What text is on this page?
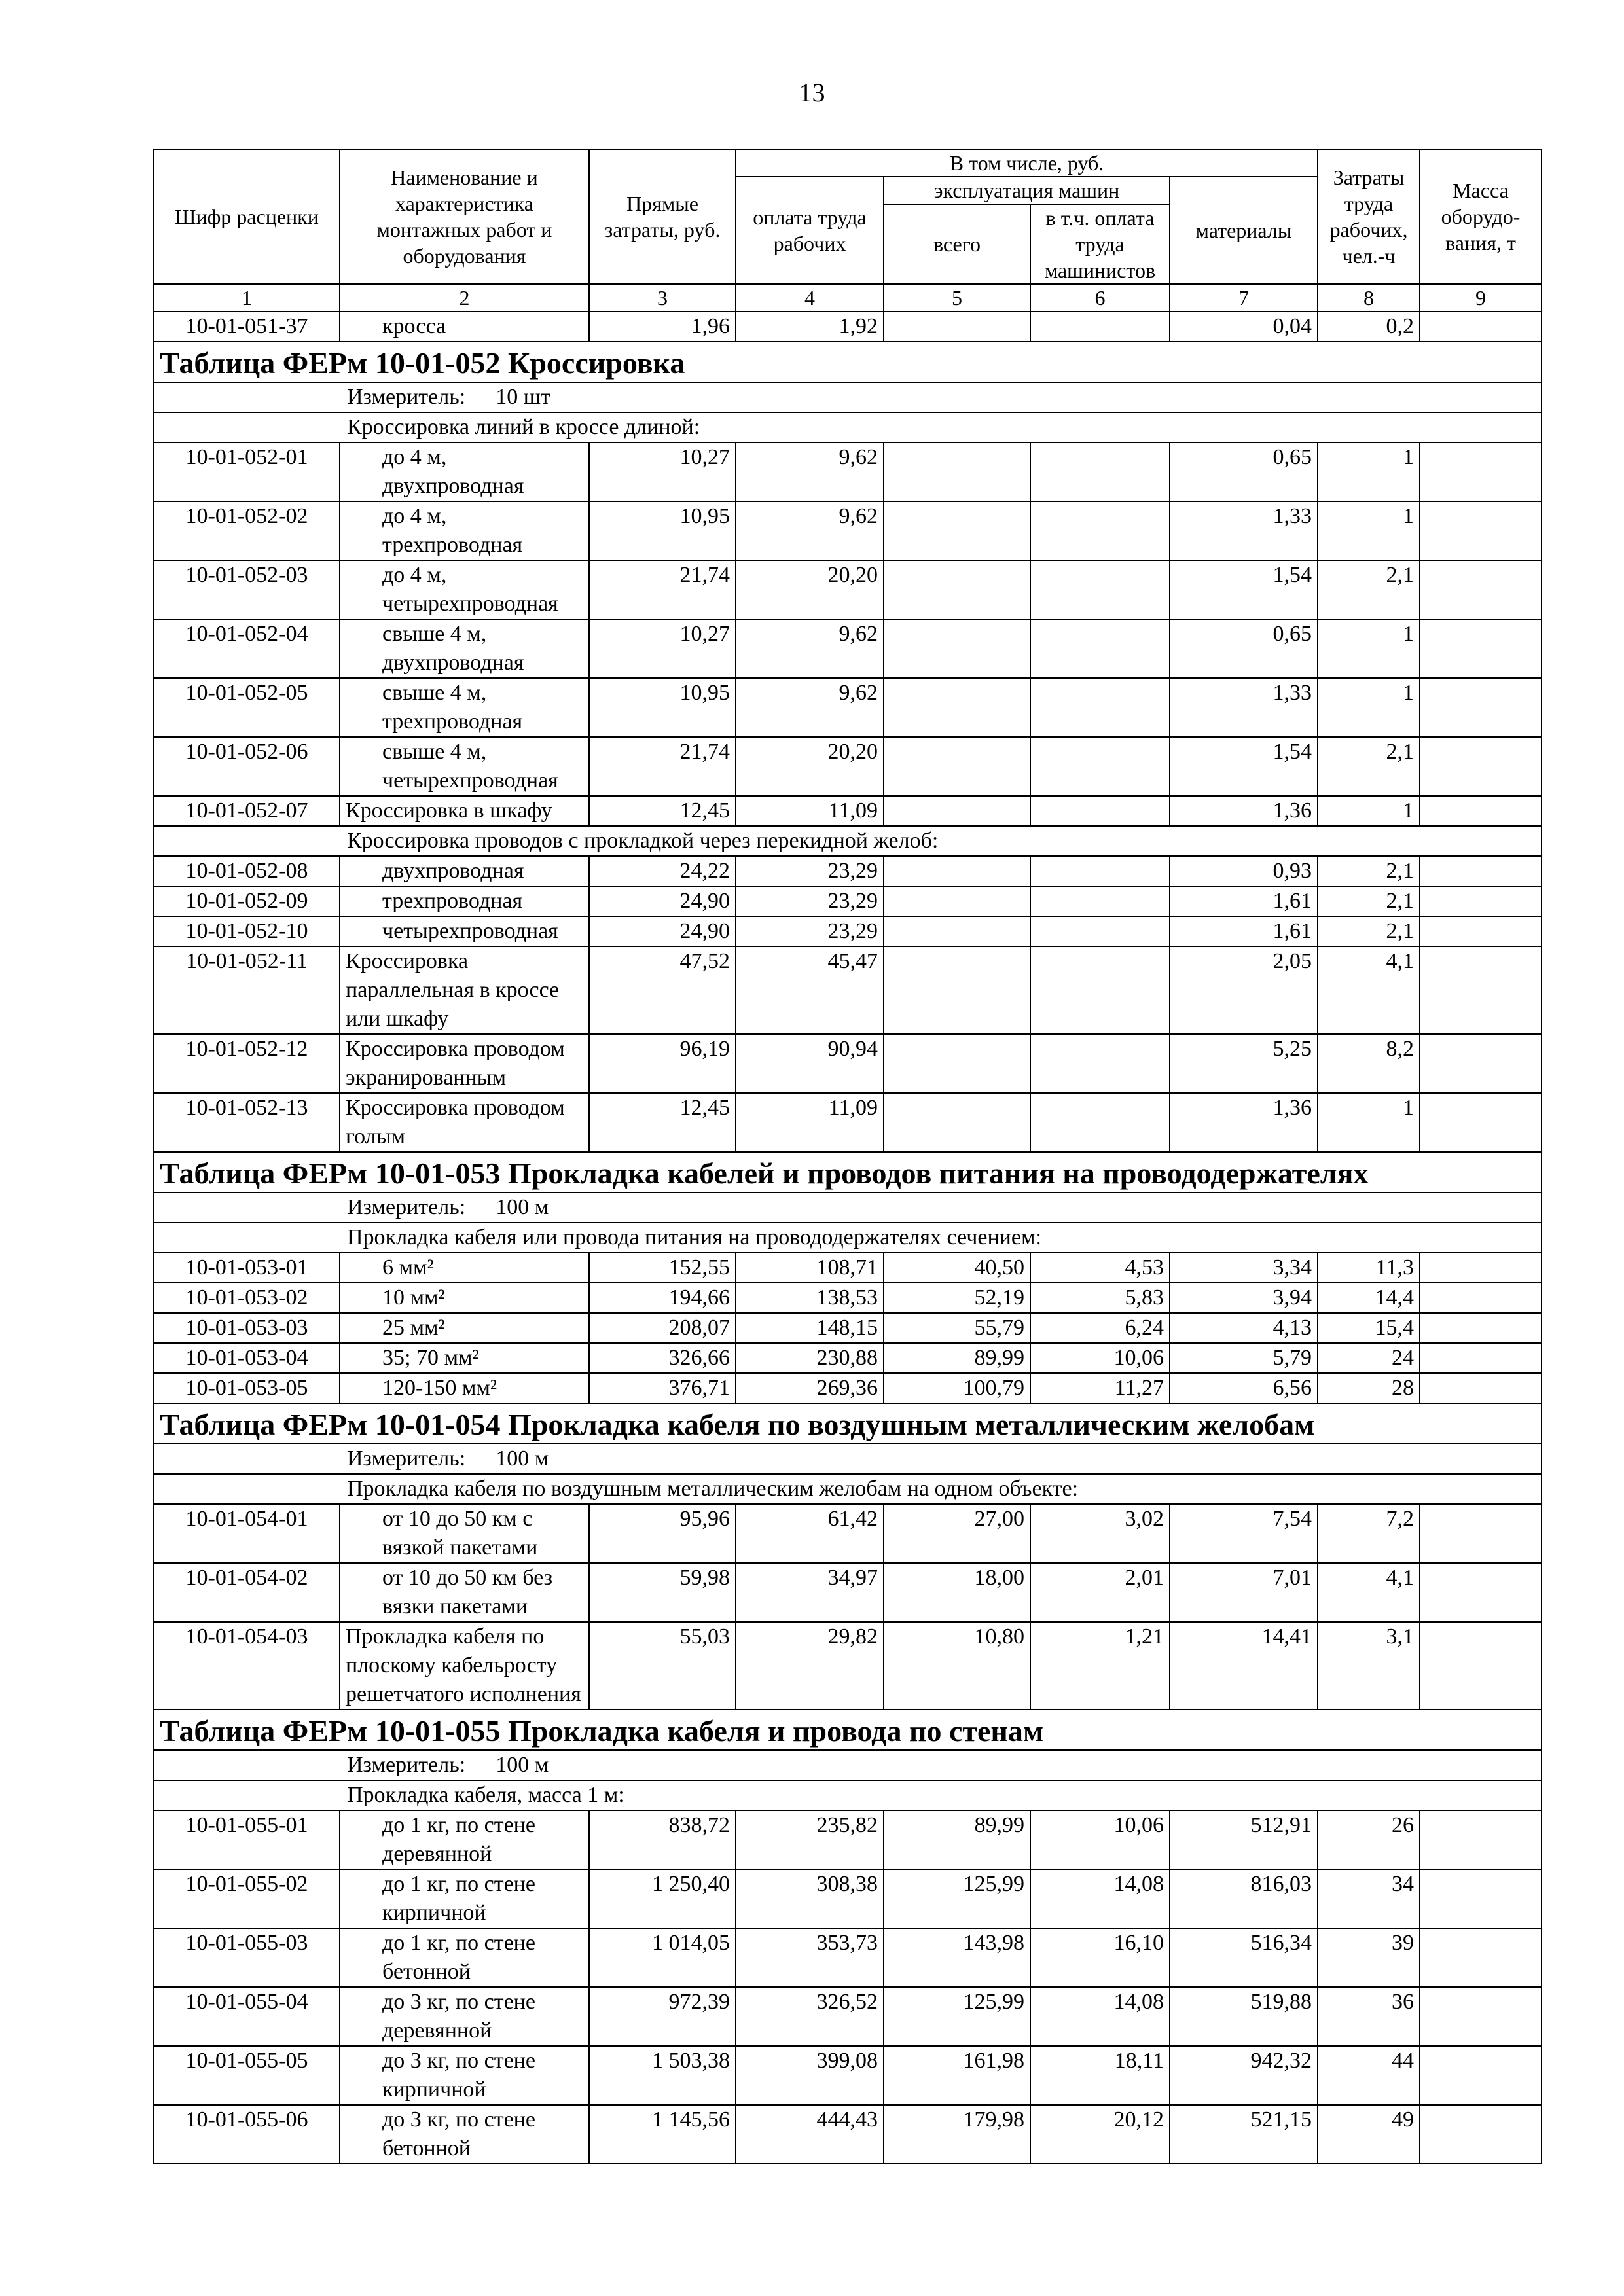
13
Шифр расценки	Наименование и характеристика монтажных работ и оборудования	Прямые затраты, руб.	В том числе, руб.				Затраты труда рабочих, чел.-ч	Масса оборудо-вания, т
			оплата труда рабочих	эксплуатация машин		материалы		
				всего	в т.ч. оплата труда машинистов			
1	2	3	4	5	6	7	8	9
10-01-051-37	кросса	1,96	1,92			0,04	0,2	
Таблица ФЕРм 10-01-052 Кроссировка								
Измеритель: 10 шт								
Кроссировка линий в кроссе длиной:								
10-01-052-01	до 4 м, двухпроводная	10,27	9,62			0,65	1	
10-01-052-02	до 4 м, трехпроводная	10,95	9,62			1,33	1	
10-01-052-03	до 4 м, четырехпроводная	21,74	20,20			1,54	2,1	
10-01-052-04	свыше 4 м, двухпроводная	10,27	9,62			0,65	1	
10-01-052-05	свыше 4 м, трехпроводная	10,95	9,62			1,33	1	
10-01-052-06	свыше 4 м, четырехпроводная	21,74	20,20			1,54	2,1	
10-01-052-07	Кроссировка в шкафу	12,45	11,09			1,36	1	
Кроссировка проводов с прокладкой через перекидной желоб:								
10-01-052-08	двухпроводная	24,22	23,29			0,93	2,1	
10-01-052-09	трехпроводная	24,90	23,29			1,61	2,1	
10-01-052-10	четырехпроводная	24,90	23,29			1,61	2,1	
10-01-052-11	Кроссировка параллельная в кроссе или шкафу	47,52	45,47			2,05	4,1	
10-01-052-12	Кроссировка проводом экранированным	96,19	90,94			5,25	8,2	
10-01-052-13	Кроссировка проводом голым	12,45	11,09			1,36	1	
Таблица ФЕРм 10-01-053 Прокладка кабелей и проводов питания на провододержателях								
Измеритель: 100 м								
Прокладка кабеля или провода питания на провододержателях сечением:								
10-01-053-01	6 мм²	152,55	108,71	40,50	4,53	3,34	11,3	
10-01-053-02	10 мм²	194,66	138,53	52,19	5,83	3,94	14,4	
10-01-053-03	25 мм²	208,07	148,15	55,79	6,24	4,13	15,4	
10-01-053-04	35; 70 мм²	326,66	230,88	89,99	10,06	5,79	24	
10-01-053-05	120-150 мм²	376,71	269,36	100,79	11,27	6,56	28	
Таблица ФЕРм 10-01-054 Прокладка кабеля по воздушным металлическим желобам								
Измеритель: 100 м								
Прокладка кабеля по воздушным металлическим желобам на одном объекте:								
10-01-054-01	от 10 до 50 км с вязкой пакетами	95,96	61,42	27,00	3,02	7,54	7,2	
10-01-054-02	от 10 до 50 км без вязки пакетами	59,98	34,97	18,00	2,01	7,01	4,1	
10-01-054-03	Прокладка кабеля по плоскому кабельросту решетчатого исполнения	55,03	29,82	10,80	1,21	14,41	3,1	
Таблица ФЕРм 10-01-055 Прокладка кабеля и провода по стенам								
Измеритель: 100 м								
Прокладка кабеля, масса 1 м:								
10-01-055-01	до 1 кг, по стене деревянной	838,72	235,82	89,99	10,06	512,91	26	
10-01-055-02	до 1 кг, по стене кирпичной	1 250,40	308,38	125,99	14,08	816,03	34	
10-01-055-03	до 1 кг, по стене бетонной	1 014,05	353,73	143,98	16,10	516,34	39	
10-01-055-04	до 3 кг, по стене деревянной	972,39	326,52	125,99	14,08	519,88	36	
10-01-055-05	до 3 кг, по стене кирпичной	1 503,38	399,08	161,98	18,11	942,32	44	
10-01-055-06	до 3 кг, по стене бетонной	1 145,56	444,43	179,98	20,12	521,15	49	
